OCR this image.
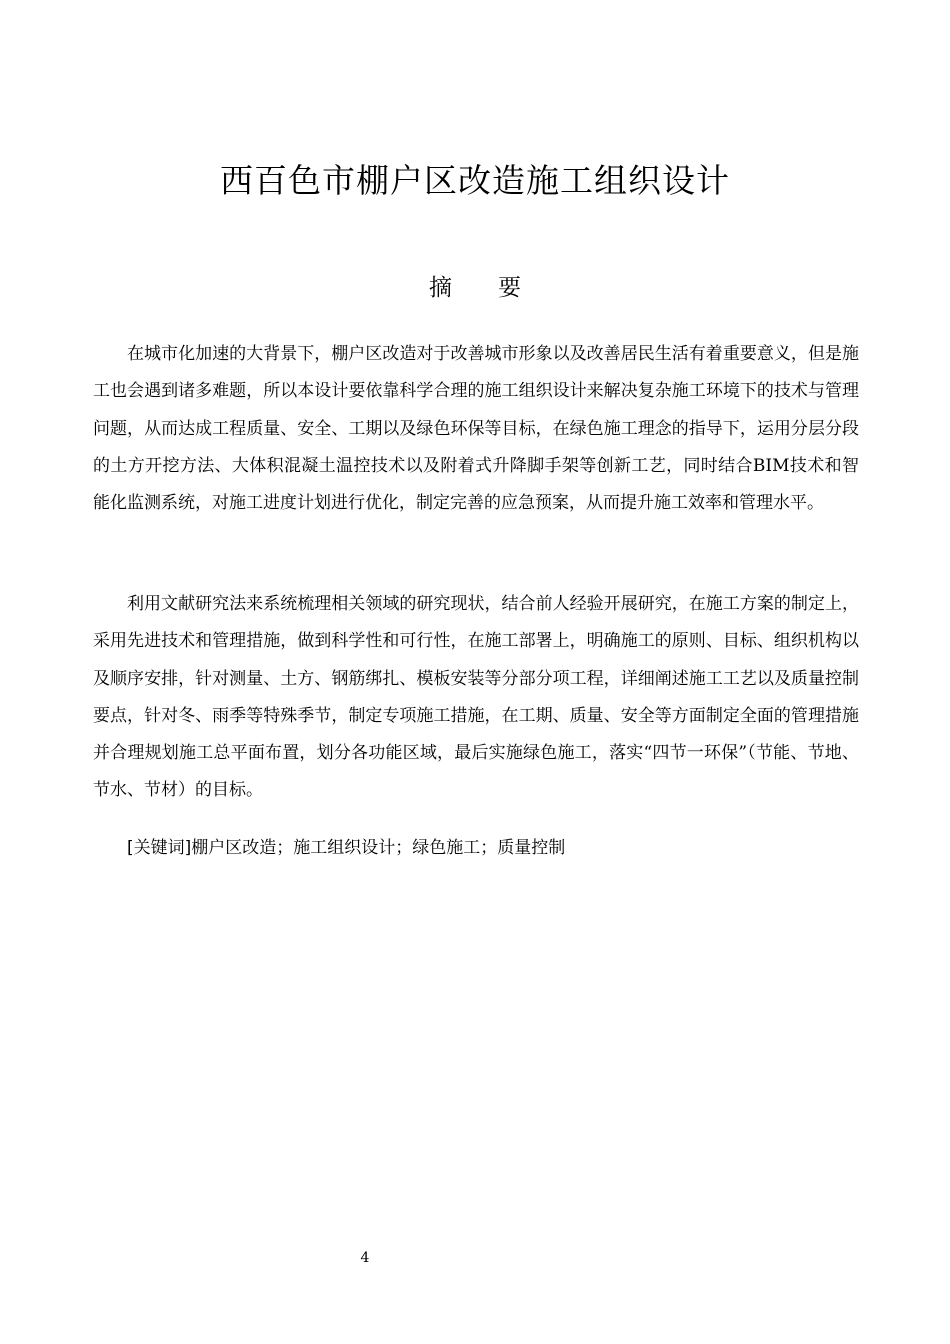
西百色市棚户区改造施工组织设计
摘 要

在城市化加速的大背景下，棚户区改造对于改善城市形象以及改善居民生活有着重要意义，但是施工也会遇到诸多难题，所以本设计要依靠科学合理的施工组织设计来解决复杂施工环境下的技术与管理问题，从而达成工程质量、安全、工期以及绿色环保等目标，在绿色施工理念的指导下，运用分层分段的土方开挖方法、大体积混凝土温控技术以及附着式升降脚手架等创新工艺，同时结合BIM技术和智能化监测系统，对施工进度计划进行优化，制定完善的应急预案，从而提升施工效率和管理水平。

利用文献研究法来系统梳理相关领域的研究现状，结合前人经验开展研究，在施工方案的制定上，采用先进技术和管理措施，做到科学性和可行性，在施工部署上，明确施工的原则、目标、组织机构以及顺序安排，针对测量、土方、钢筋绑扎、模板安装等分部分项工程，详细阐述施工工艺以及质量控制要点，针对冬、雨季等特殊季节，制定专项施工措施，在工期、质量、安全等方面制定全面的管理措施并合理规划施工总平面布置，划分各功能区域，最后实施绿色施工，落实“四节一环保”（节能、节地、节水、节材）的目标。

[关键词]棚户区改造；施工组织设计；绿色施工；质量控制
4
